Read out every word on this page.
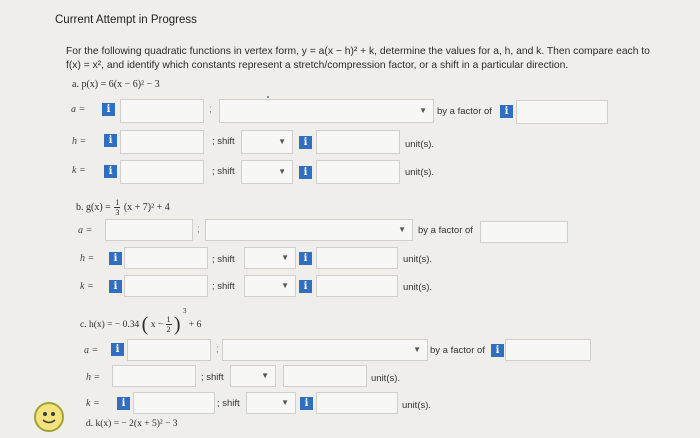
Current Attempt in Progress
For the following quadratic functions in vertex form, y = a(x − h)² + k, determine the values for a, h, and k. Then compare each to
f(x) = x², and identify which constants represent a stretch/compression factor, or a shift in a particular direction.
a. p(x) = 6(x − 6)² − 3
a =	i	;	▼ by a factor of	i
h =	i	; shift	▼	i	unit(s).
k =	i	; shift	▼	i	unit(s).
b. $g(x) = \frac{1}{3} (x + 7)^2 + 4$
a =	;	▼ by a factor of
h =	i	; shift	▼	i	unit(s).
k =	i	; shift	▼	i	unit(s).
c. h(x) = − 0.34 ( $x - \frac{1}{2}$ ) $^3$ + 6
a =	i	;	▼ by a factor of	i
h =	; shift	▼	unit(s).
k =	i	; shift	▼	i	unit(s).
d. k(x) = − 2(x + 5)² − 3
